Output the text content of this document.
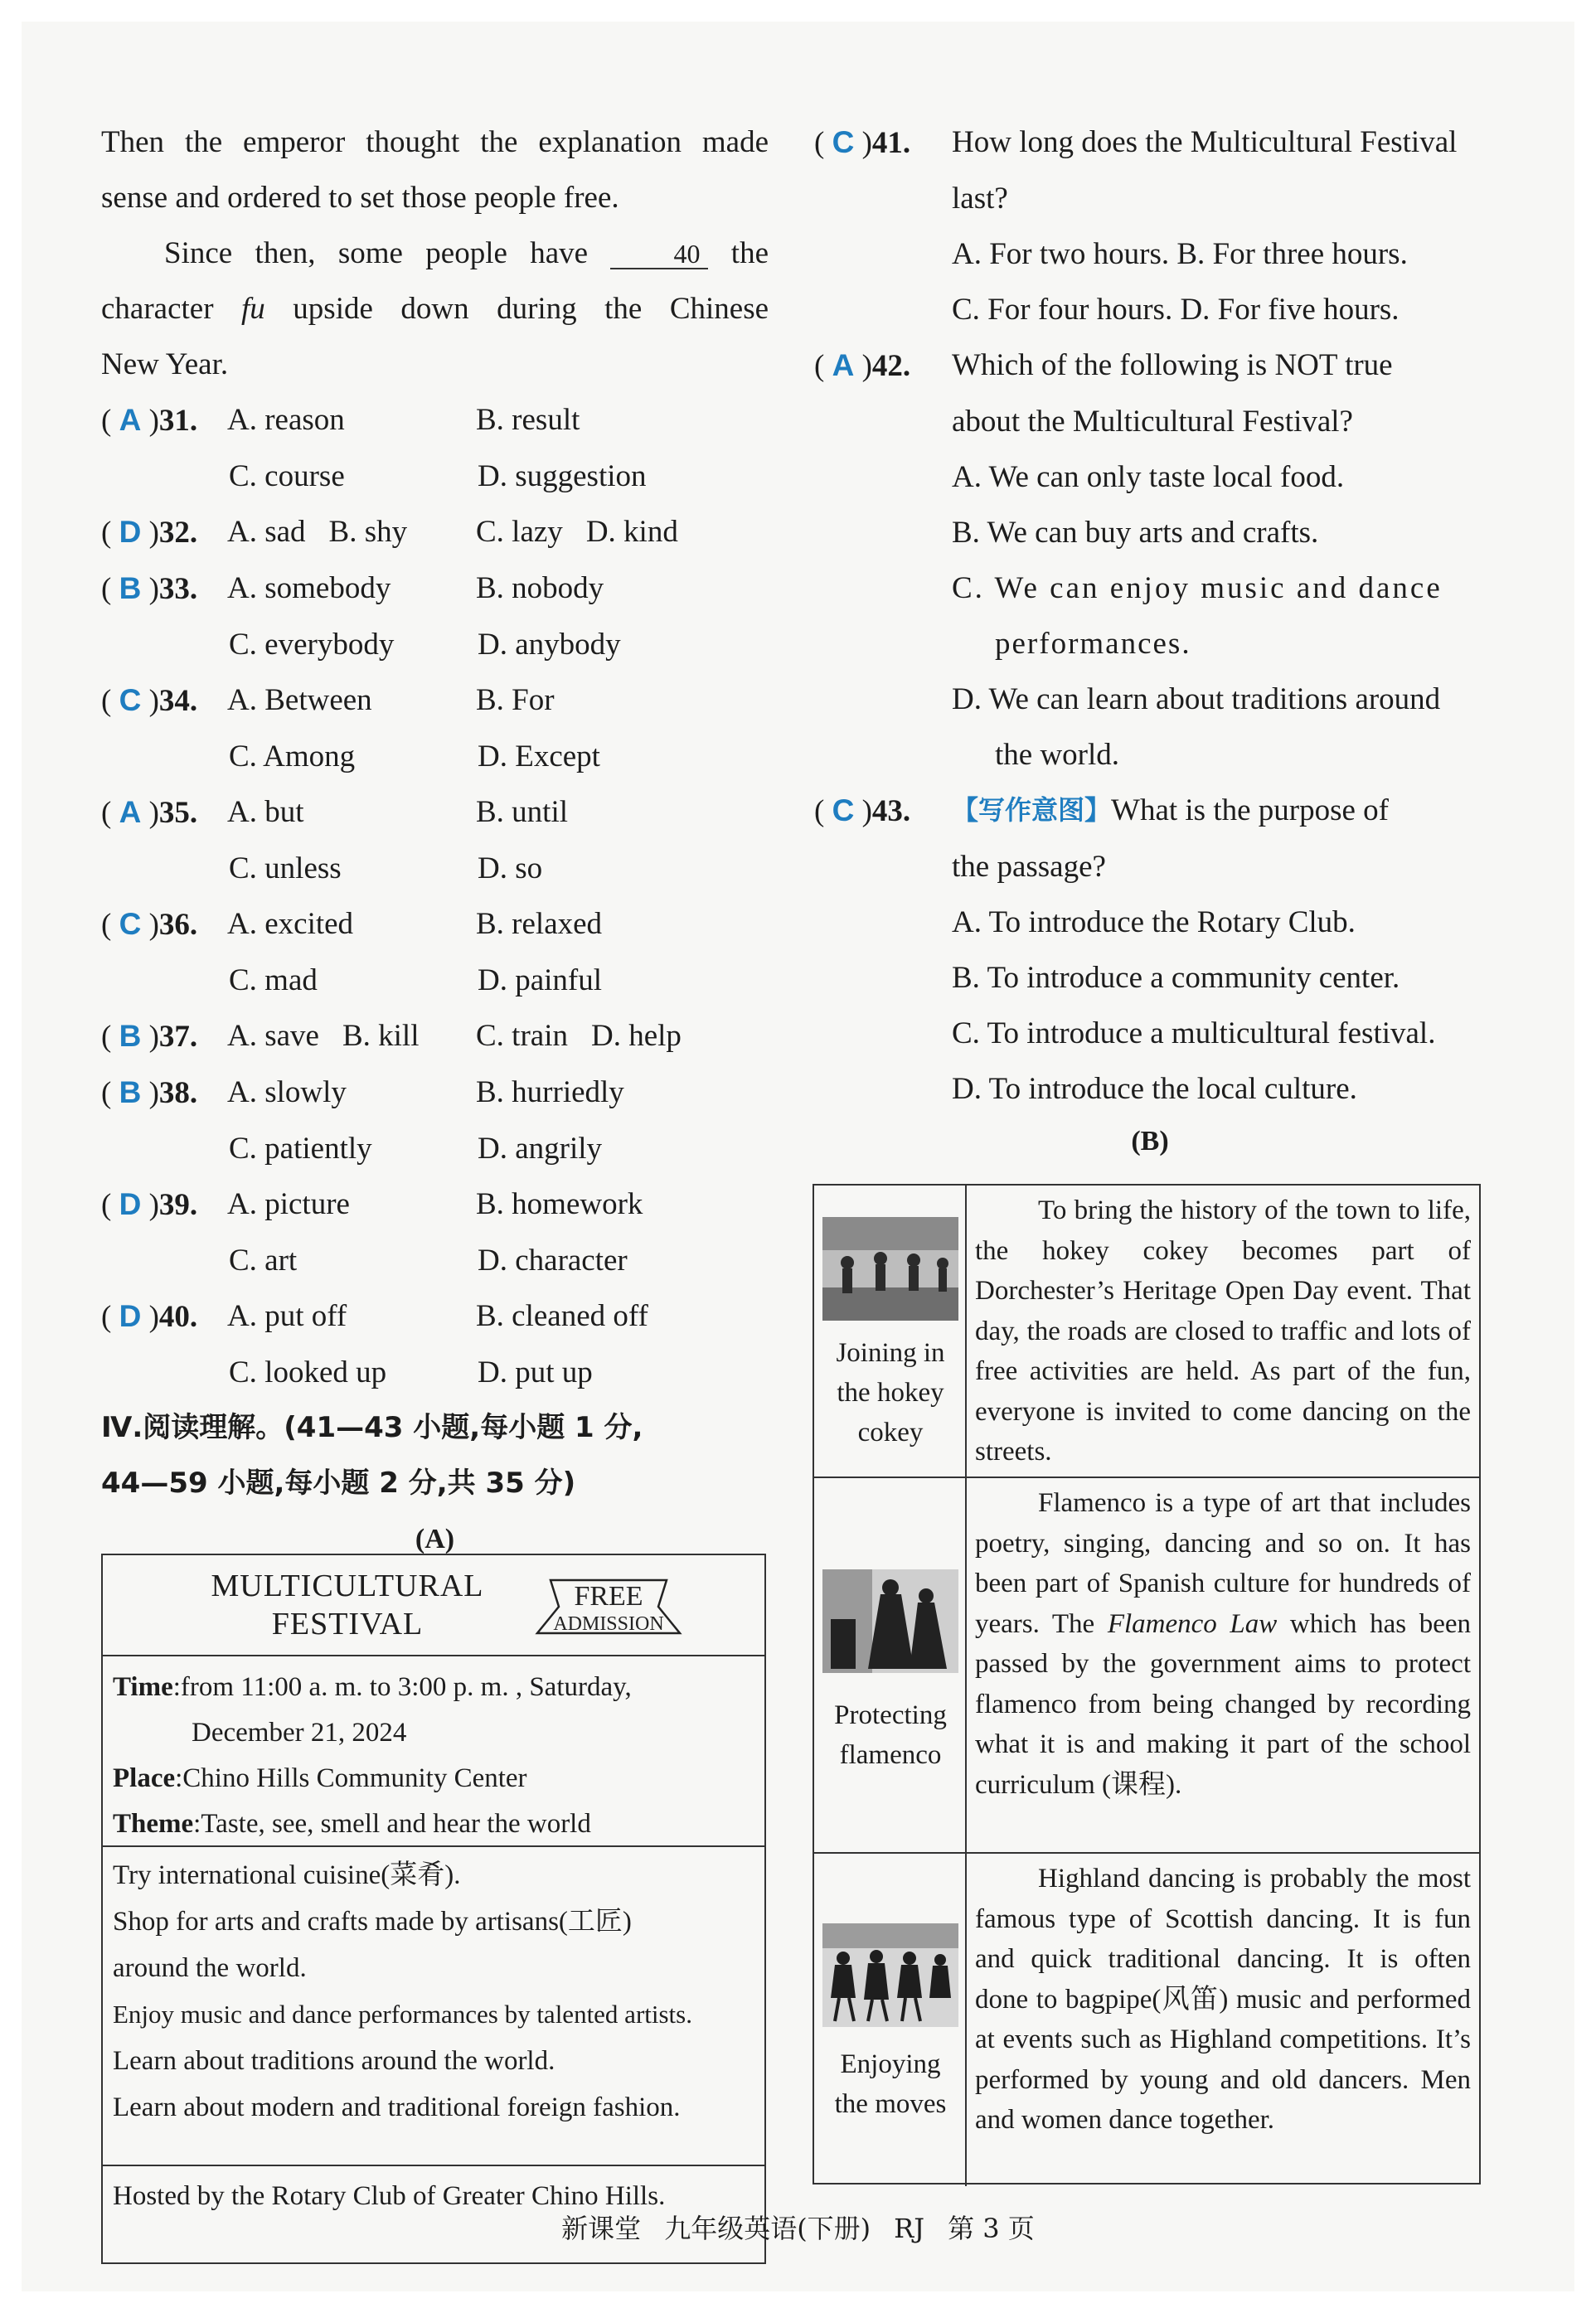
Then the emperor thought the explanation made
sense and ordered to set those people free.
Since then, some people have	40 the
character fu upside down during the Chinese
New Year.
( A )31. A. reason	B. result
C. course	D. suggestion
( D )32. A. sad B. shy C. lazy D. kind
( B )33. A. somebody	B. nobody
C. everybody	D. anybody
( C )34. A. Between	B. For
C. Among	D. Except
( A )35. A. but	B. until
C. unless	D. so
( C )36. A. excited	B. relaxed
C. mad	D. painful
( B )37. A. save B. kill C. train D. help
( B )38. A. slowly	B. hurriedly
C. patiently	D. angrily
( D )39. A. picture	B. homework
C. art	D. character
( D )40. A. put off	B. cleaned off
C. looked up	D. put up
Ⅳ.阅读理解。(41—43 小题,每小题 1 分,
44—59 小题,每小题 2 分,共 35 分)
(A)
MULTICULTURAL
FESTIVAL
FREE
ADMISSION
Time:from 11:00 a. m. to 3:00 p. m. , Saturday,
December 21, 2024
Place:Chino Hills Community Center
Theme:Taste, see, smell and hear the world
Try international cuisine(菜肴).
Shop for arts and crafts made by artisans(工匠)
around the world.
Enjoy music and dance performances by talented artists.
Learn about traditions around the world.
Learn about modern and traditional foreign fashion.
Hosted by the Rotary Club of Greater Chino Hills.
( C )41.	How long does the Multicultural Festival
last?
A. For two hours. B. For three hours.
C. For four hours. D. For five hours.
( A )42.	Which of the following is NOT true
about the Multicultural Festival?
A. We can only taste local food.
B. We can buy arts and crafts.
C. We can enjoy music and dance
performances.
D. We can learn about traditions around
the world.
( C )43.	【写作意图】 What is the purpose of
the passage?
A. To introduce the Rotary Club.
B. To introduce a community center.
C. To introduce a multicultural festival.
D. To introduce the local culture.
(B)
Joining in
the hokey
cokey

To bring the history of the town to life, the hokey cokey becomes part of Dorchester’s Heritage Open Day event. That day, the roads are closed to traffic and lots of free activities are held. As part of the fun, everyone is invited to come dancing on the streets.

Protecting
flamenco

Flamenco is a type of art that includes poetry, singing, dancing and so on. It has been part of Spanish culture for hundreds of years. The Flamenco Law which has been passed by the government aims to protect flamenco from being changed by recording what it is and making it part of the school curriculum (课程).

Enjoying
the moves

Highland dancing is probably the most famous type of Scottish dancing. It is fun and quick traditional dancing. It is often done to bagpipe(风笛) music and performed at events such as Highland competitions. It’s performed by young and old dancers. Men and women dance together.

新课堂 九年级英语(下册) RJ 第 3 页
